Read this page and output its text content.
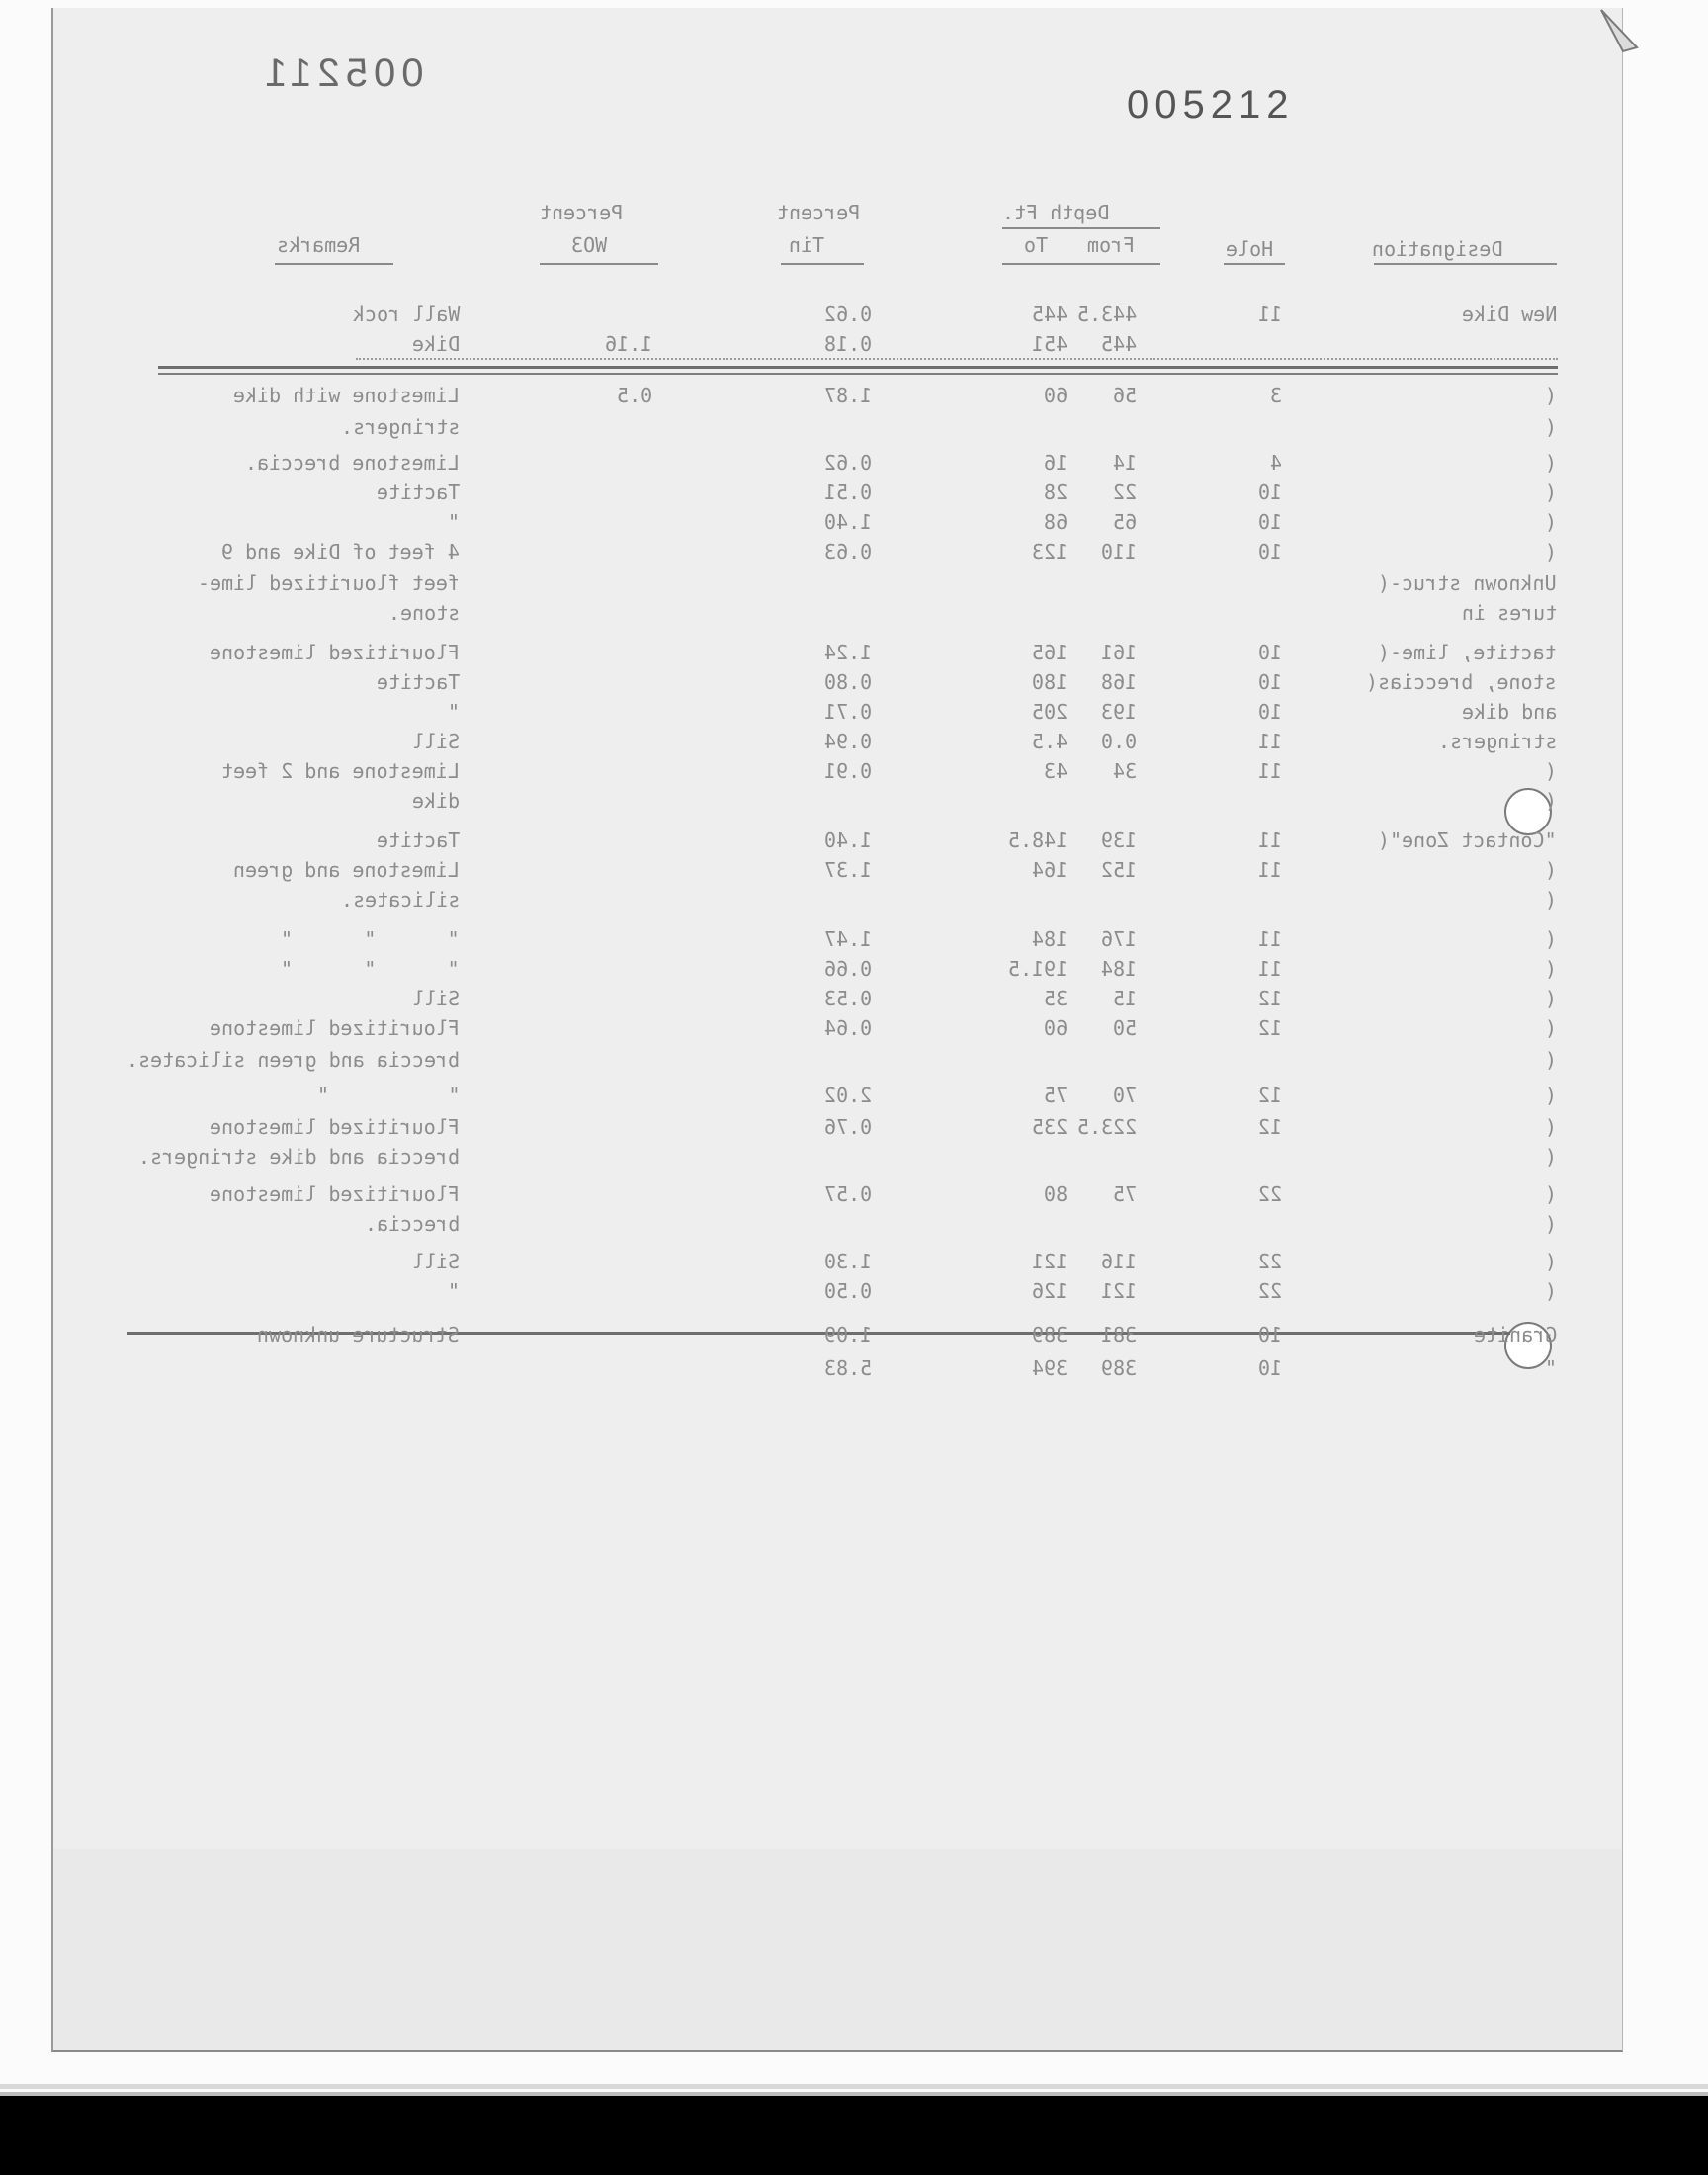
005212
005211
Designation
Hole
Depth Ft.
From
To
Percent
Tin
Percent
WO3
Remarks
New Dike
11
443.5
445
0.62
Wall rock
445
451
0.18
1.16
Dike
(
3
56
60
1.87
0.5
Limestone with dike
(
stringers.
(
4
14
16
0.62
Limestone breccia.
(
10
22
28
0.51
Tactite
(
10
65
68
1.40
"
(
10
110
123
0.63
4 feet of Dike and 9
Unknown struc-(
feet flouritized lime-
tures in
stone.
tactite, lime-(
10
161
165
1.24
Flouritized limestone
stone, breccias(
10
168
180
0.80
Tactite
and dike
10
193
205
0.71
"
stringers.
11
0.0
4.5
0.94
Sill
(
11
34
43
0.91
Limestone and 2 feet
(
dike
"Contact Zone"(
11
139
148.5
1.40
Tactite
(
11
152
164
1.37
Limestone and green
(
silicates.
(
11
176
184
1.47
"      "      "
(
11
184
191.5
0.66
"      "      "
(
12
15
35
0.53
Sill
(
12
50
60
0.64
Flouritized limestone
(
breccia and green silicates.
(
12
70
75
2.02
"          "
(
12
223.5
235
0.76
Flouritized limestone
(
breccia and dike stringers.
(
22
75
80
0.57
Flouritized limestone
(
breccia.
(
22
116
121
1.30
Sill
(
22
121
126
0.50
"
Granite
10
381
389
1.09
Structure unknown
"
10
389
394
5.83
